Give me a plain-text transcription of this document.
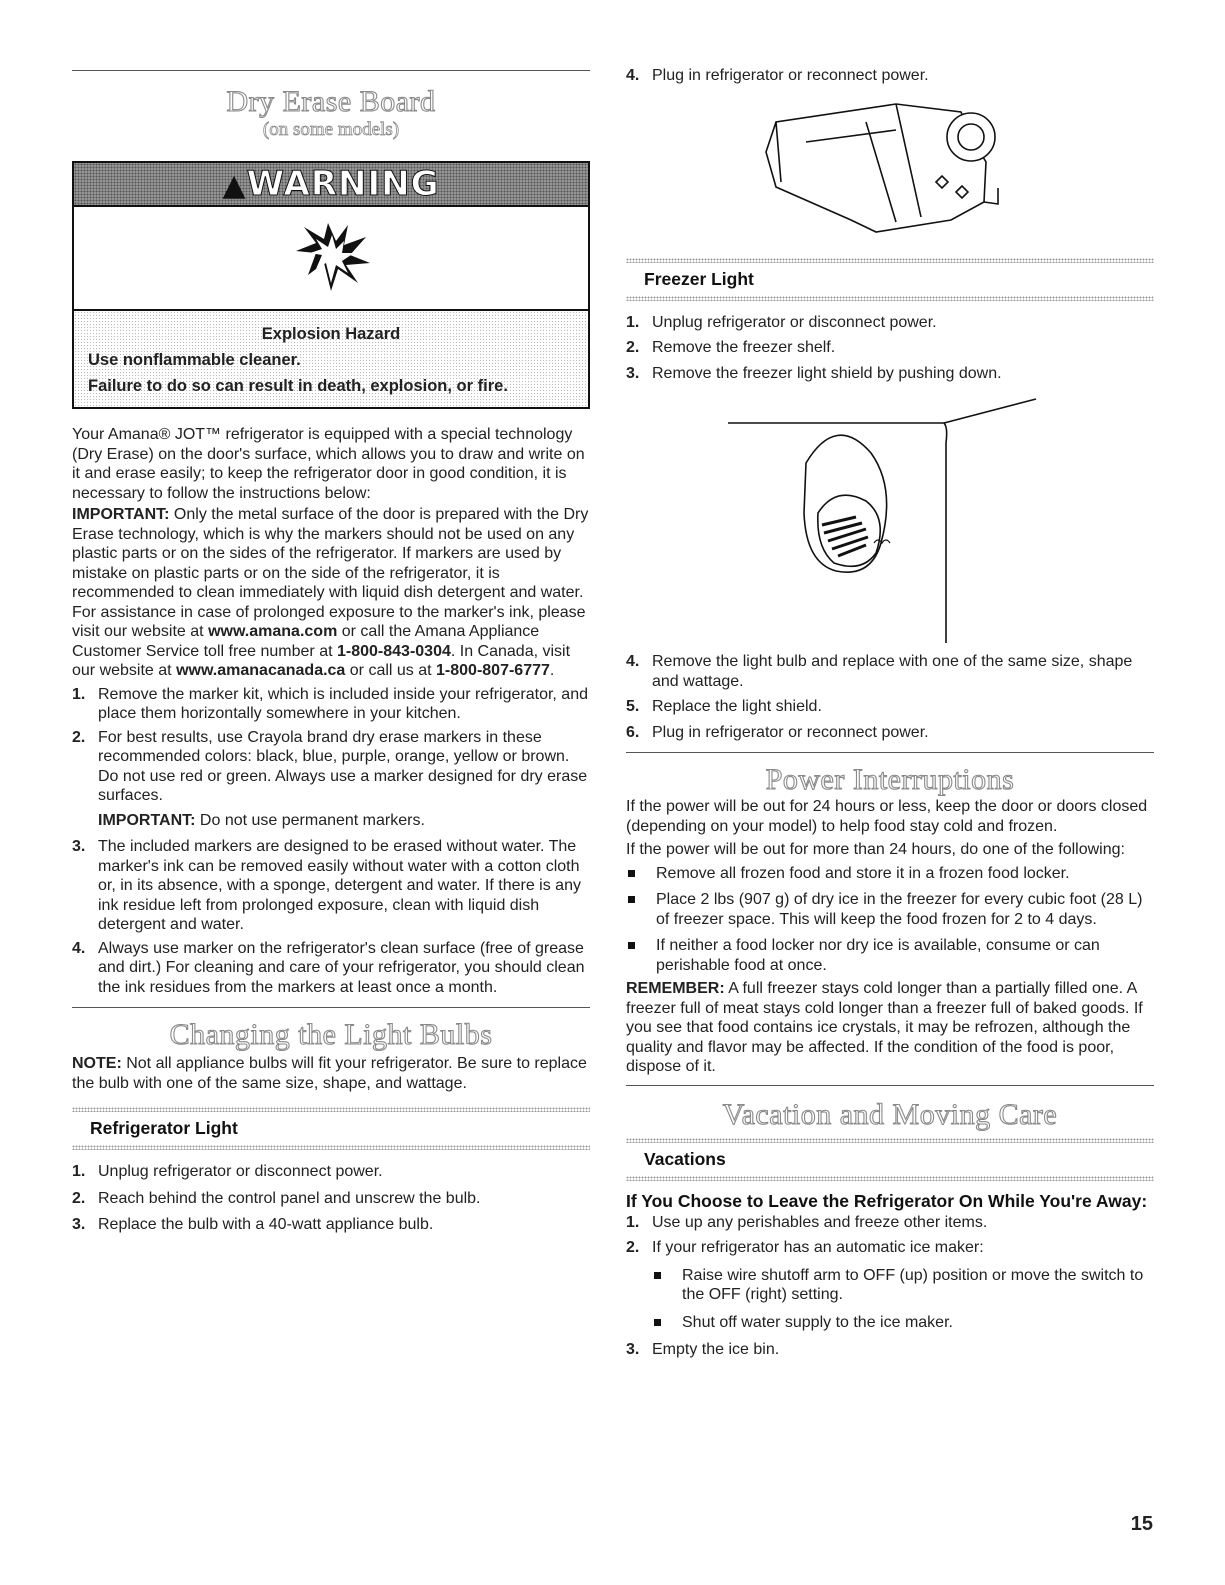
Dry Erase Board
(on some models)
▲WARNING

Explosion Hazard

Use nonflammable cleaner.

Failure to do so can result in death, explosion, or fire.

Your Amana® JOT™ refrigerator is equipped with a special technology (Dry Erase) on the door's surface, which allows you to draw and write on it and erase easily; to keep the refrigerator door in good condition, it is necessary to follow the instructions below:

IMPORTANT: Only the metal surface of the door is prepared with the Dry Erase technology, which is why the markers should not be used on any plastic parts or on the sides of the refrigerator. If markers are used by mistake on plastic parts or on the side of the refrigerator, it is recommended to clean immediately with liquid dish detergent and water. For assistance in case of prolonged exposure to the marker's ink, please visit our website at www.amana.com or call the Amana Appliance Customer Service toll free number at 1-800-843-0304. In Canada, visit our website at www.amanacanada.ca or call us at 1-800-807-6777.

1. Remove the marker kit, which is included inside your refrigerator, and place them horizontally somewhere in your kitchen.
2. For best results, use Crayola brand dry erase markers in these recommended colors: black, blue, purple, orange, yellow or brown. Do not use red or green. Always use a marker designed for dry erase surfaces.

IMPORTANT: Do not use permanent markers.
3. The included markers are designed to be erased without water. The marker's ink can be removed easily without water with a cotton cloth or, in its absence, with a sponge, detergent and water. If there is any ink residue left from prolonged exposure, clean with liquid dish detergent and water.
4. Always use marker on the refrigerator's clean surface (free of grease and dirt.) For cleaning and care of your refrigerator, you should clean the ink residues from the markers at least once a month.
Changing the Light Bulbs

NOTE: Not all appliance bulbs will fit your refrigerator. Be sure to replace the bulb with one of the same size, shape, and wattage.

Refrigerator Light
1. Unplug refrigerator or disconnect power.
2. Reach behind the control panel and unscrew the bulb.
3. Replace the bulb with a 40-watt appliance bulb.
4. Plug in refrigerator or reconnect power.
Freezer Light
1. Unplug refrigerator or disconnect power.
2. Remove the freezer shelf.
3. Remove the freezer light shield by pushing down.
4. Remove the light bulb and replace with one of the same size, shape and wattage.
5. Replace the light shield.
6. Plug in refrigerator or reconnect power.
Power Interruptions

If the power will be out for 24 hours or less, keep the door or doors closed (depending on your model) to help food stay cold and frozen.

If the power will be out for more than 24 hours, do one of the following:

Remove all frozen food and store it in a frozen food locker.
Place 2 lbs (907 g) of dry ice in the freezer for every cubic foot (28 L) of freezer space. This will keep the food frozen for 2 to 4 days.
If neither a food locker nor dry ice is available, consume or can perishable food at once.

REMEMBER: A full freezer stays cold longer than a partially filled one. A freezer full of meat stays cold longer than a freezer full of baked goods. If you see that food contains ice crystals, it may be refrozen, although the quality and flavor may be affected. If the condition of the food is poor, dispose of it.

Vacation and Moving Care
Vacations

If You Choose to Leave the Refrigerator On While You're Away:

1. Use up any perishables and freeze other items.
2. If your refrigerator has an automatic ice maker:
Raise wire shutoff arm to OFF (up) position or move the switch to the OFF (right) setting.
Shut off water supply to the ice maker.
3. Empty the ice bin.
15
